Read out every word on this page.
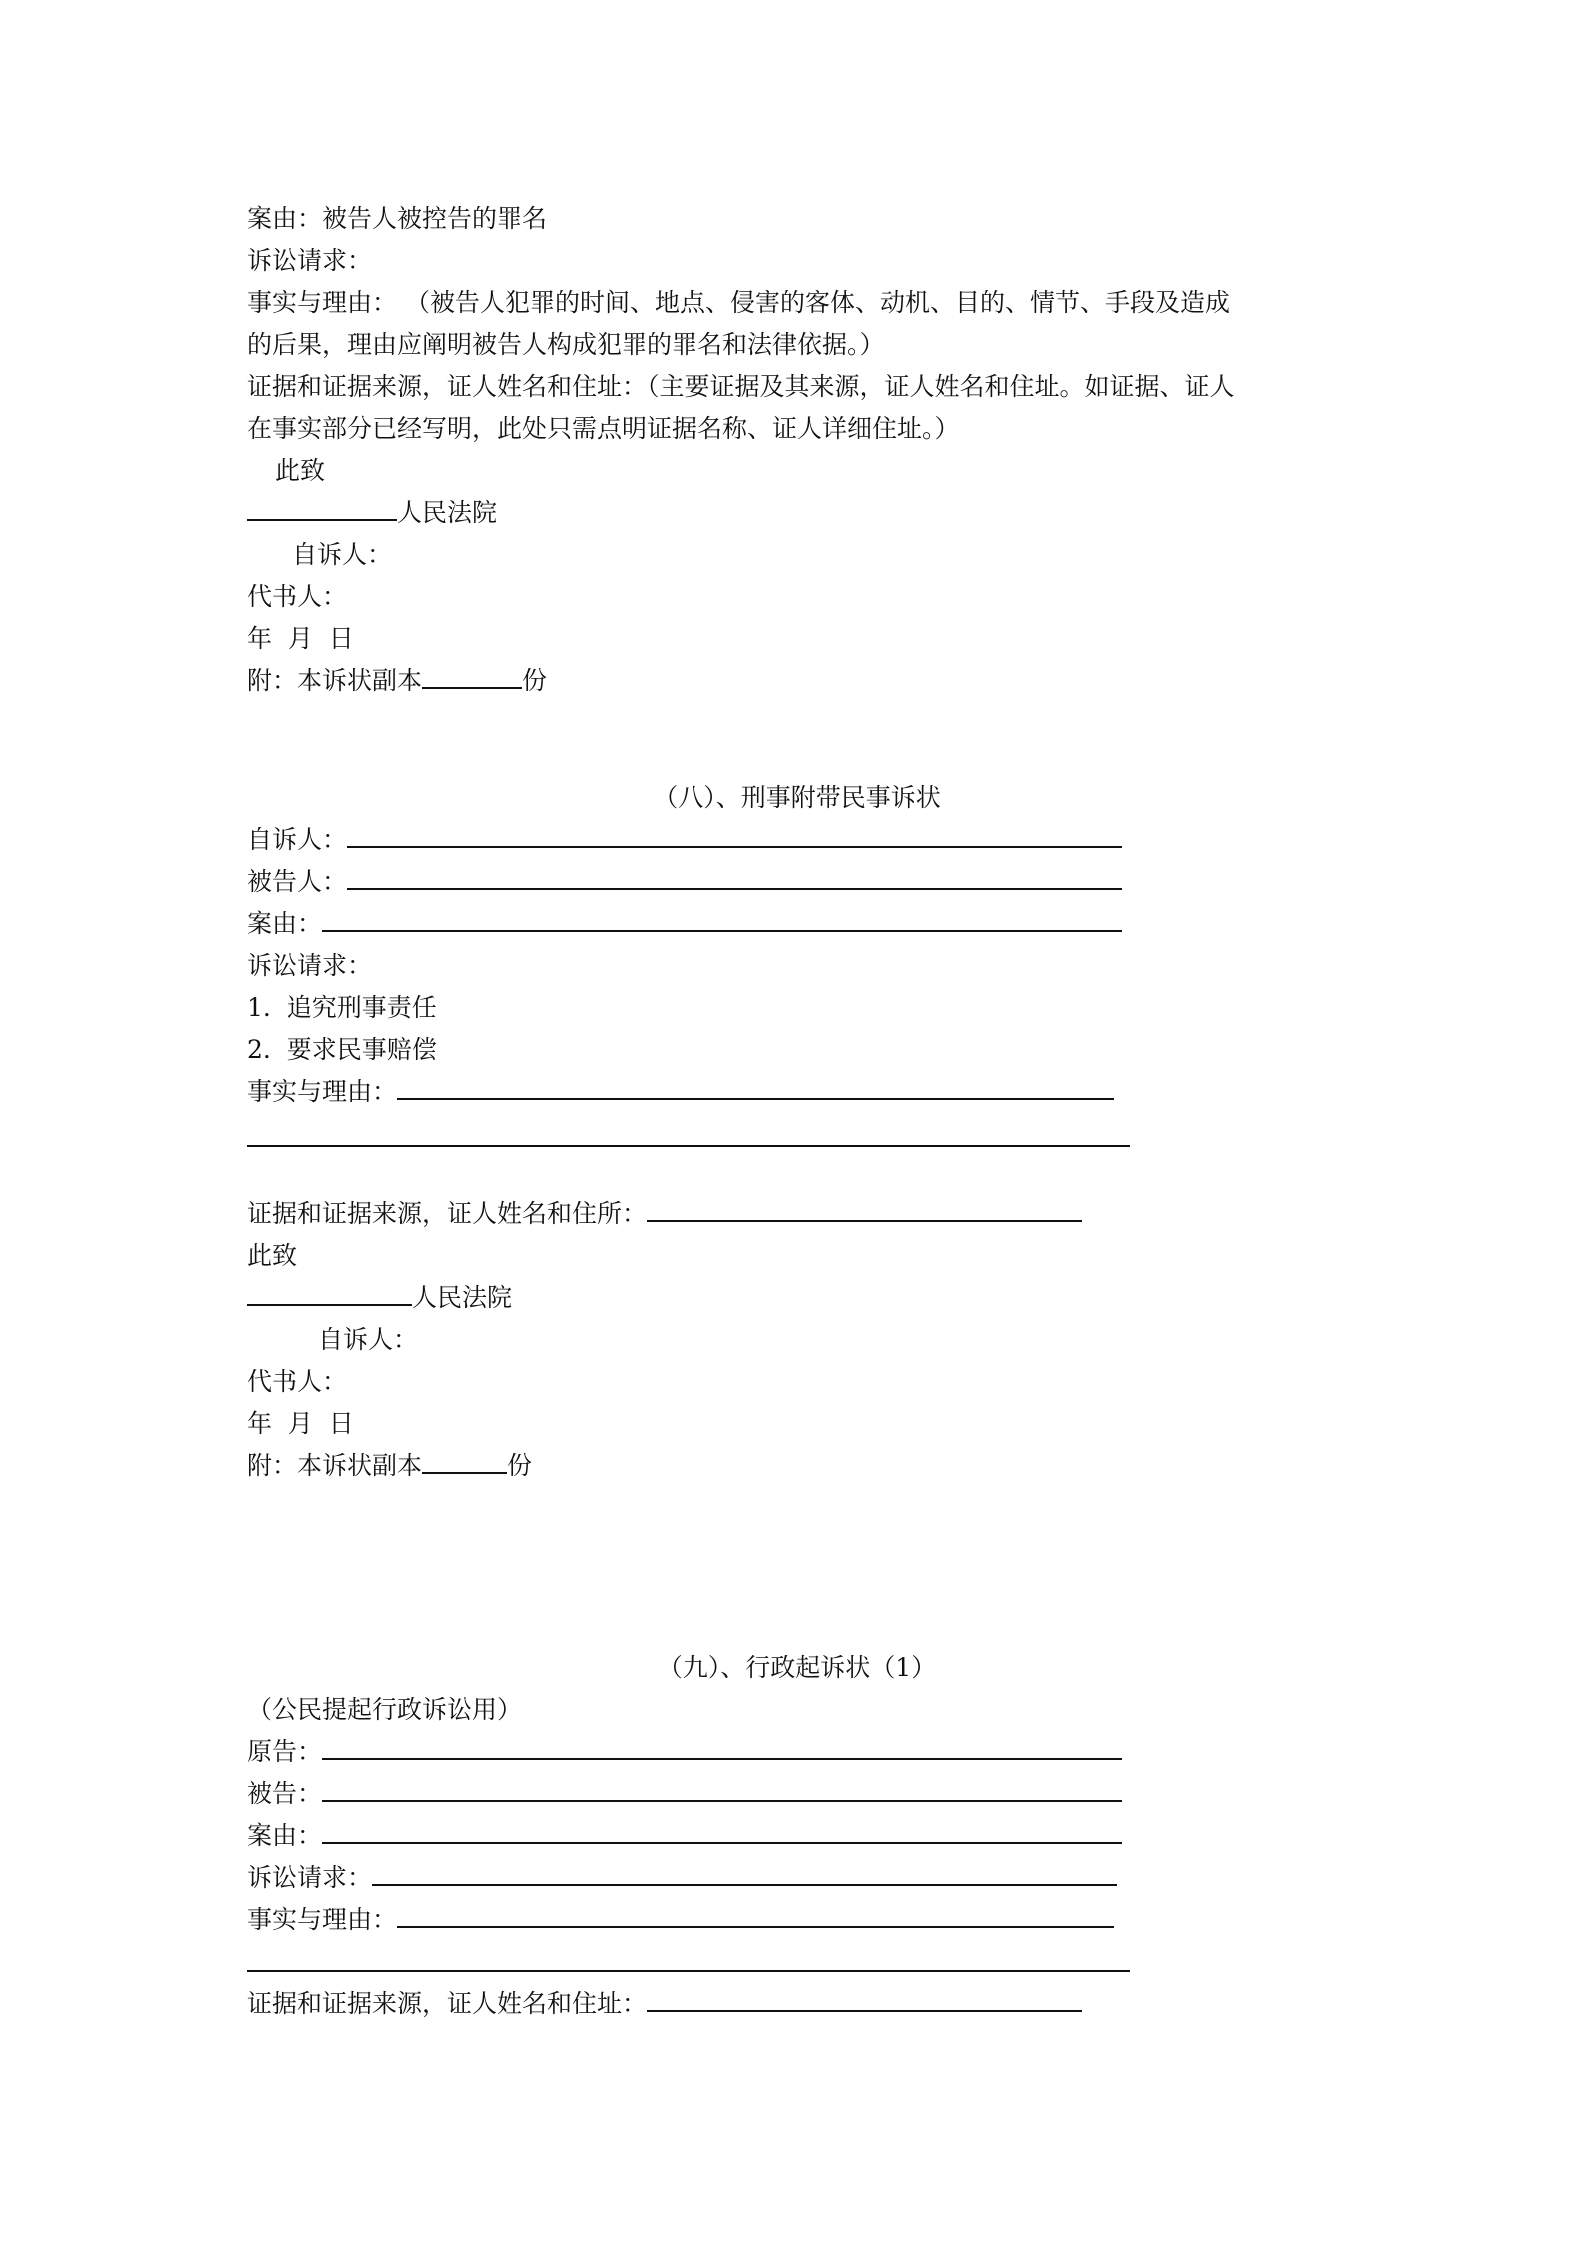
案由：被告人被控告的罪名
诉讼请求：
事实与理由： （被告人犯罪的时间、地点、侵害的客体、动机、目的、情节、手段及造成
的后果，理由应阐明被告人构成犯罪的罪名和法律依据。）
证据和证据来源，证人姓名和住址：（主要证据及其来源，证人姓名和住址。如证据、证人
在事实部分已经写明，此处只需点明证据名称、证人详细住址。）
此致
人民法院
自诉人：
代书人：
年  月  日
附：本诉状副本	份
（八）、刑事附带民事诉状
自诉人：
被告人：
案由：
诉讼请求：
1.  追究刑事责任
2.  要求民事赔偿
事实与理由：
证据和证据来源，证人姓名和住所：
此致
人民法院
自诉人：
代书人：
年  月  日
附：本诉状副本	份
（九）、行政起诉状（1）
（公民提起行政诉讼用）
原告：
被告：
案由：
诉讼请求：
事实与理由：
证据和证据来源，证人姓名和住址：
